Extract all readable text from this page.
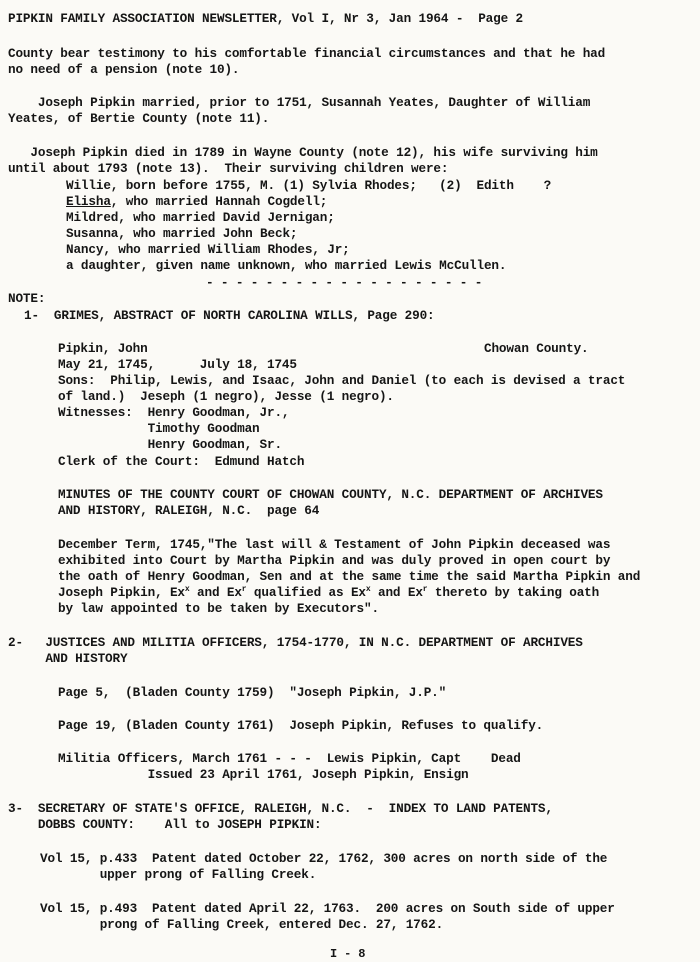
PIPKIN FAMILY ASSOCIATION NEWSLETTER, Vol I, Nr 3, Jan 1964 -  Page 2
County bear testimony to his comfortable financial circumstances and that he had
no need of a pension (note 10).
Joseph Pipkin married, prior to 1751, Susannah Yeates, Daughter of William
Yeates, of Bertie County (note 11).
Joseph Pipkin died in 1789 in Wayne County (note 12), his wife surviving him
until about 1793 (note 13).  Their surviving children were:
Willie, born before 1755, M. (1) Sylvia Rhodes;   (2)  Edith    ?
Elisha, who married Hannah Cogdell;
Mildred, who married David Jernigan;
Susanna, who married John Beck;
Nancy, who married William Rhodes, Jr;
a daughter, given name unknown, who married Lewis McCullen.
- - - - - - - - - - - - - - - - - - -
NOTE:
1-  GRIMES, ABSTRACT OF NORTH CAROLINA WILLS, Page 290:
Pipkin, John	Chowan County.
May 21, 1745,      July 18, 1745
Sons:  Philip, Lewis, and Isaac, John and Daniel (to each is devised a tract
of land.)  Jeseph (1 negro), Jesse (1 negro).
Witnesses:  Henry Goodman, Jr.,
Timothy Goodman
Henry Goodman, Sr.
Clerk of the Court:  Edmund Hatch
MINUTES OF THE COUNTY COURT OF CHOWAN COUNTY, N.C. DEPARTMENT OF ARCHIVES
AND HISTORY, RALEIGH, N.C.  page 64
December Term, 1745,"The last will & Testament of John Pipkin deceased was
exhibited into Court by Martha Pipkin and was duly proved in open court by
the oath of Henry Goodman, Sen and at the same time the said Martha Pipkin and
Joseph Pipkin, Ex$^x$ and Ex$^r$ qualified as Ex$^x$ and Ex$^r$ thereto by taking oath
by law appointed to be taken by Executors".
2-   JUSTICES AND MILITIA OFFICERS, 1754-1770, IN N.C. DEPARTMENT OF ARCHIVES
AND HISTORY
Page 5,  (Bladen County 1759)  "Joseph Pipkin, J.P."
Page 19, (Bladen County 1761)  Joseph Pipkin, Refuses to qualify.
Militia Officers, March 1761 - - -  Lewis Pipkin, Capt    Dead
Issued 23 April 1761, Joseph Pipkin, Ensign
3-  SECRETARY OF STATE'S OFFICE, RALEIGH, N.C.  -  INDEX TO LAND PATENTS,
DOBBS COUNTY:    All to JOSEPH PIPKIN:
Vol 15, p.433  Patent dated October 22, 1762, 300 acres on north side of the
upper prong of Falling Creek.
Vol 15, p.493  Patent dated April 22, 1763.  200 acres on South side of upper
prong of Falling Creek, entered Dec. 27, 1762.
I - 8
